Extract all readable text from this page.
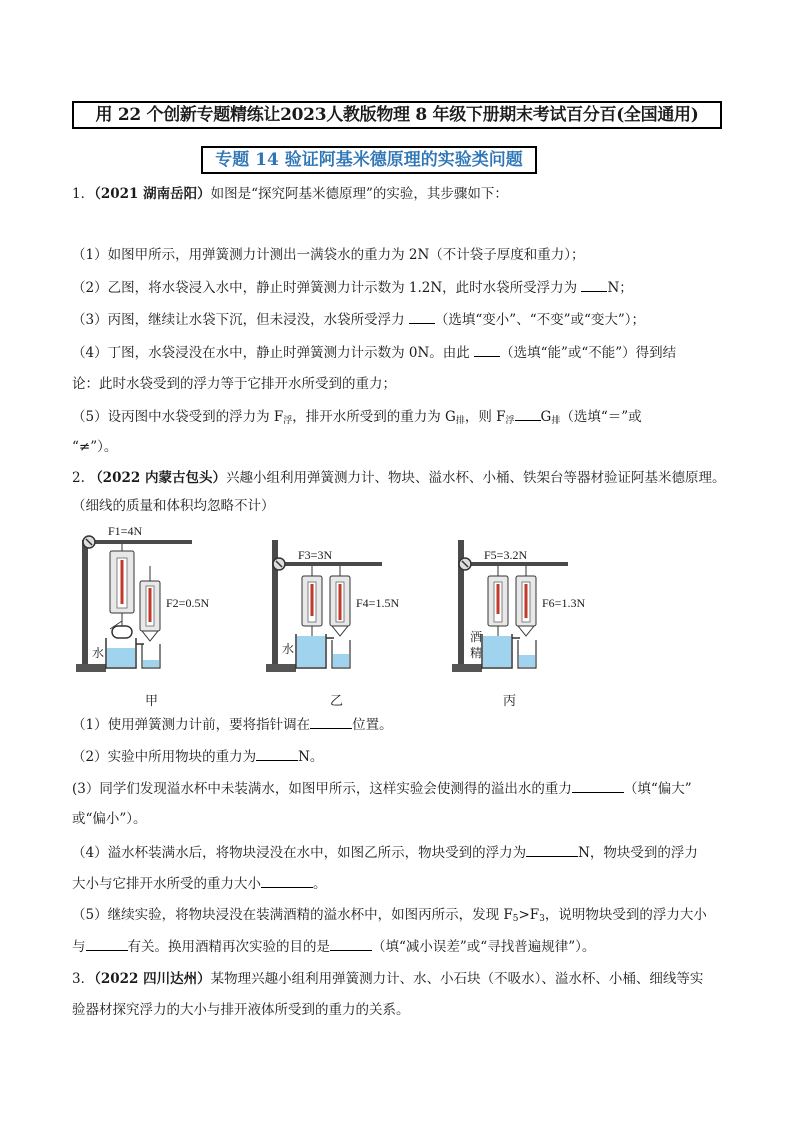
用 22 个创新专题精练让2023人教版物理 8 年级下册期末考试百分百(全国通用)
专题 14 验证阿基米德原理的实验类问题
1．（2021 湖南岳阳）如图是“探究阿基米德原理”的实验，其步骤如下：
（1）如图甲所示，用弹簧测力计测出一满袋水的重力为 2N（不计袋子厚度和重力）；
（2）乙图，将水袋浸入水中，静止时弹簧测力计示数为 1.2N，此时水袋所受浮力为 N；
（3）丙图，继续让水袋下沉，但未浸没，水袋所受浮力 （选填“变小”、“不变”或“变大”）；
（4）丁图，水袋浸没在水中，静止时弹簧测力计示数为 0N。由此 （选填“能”或“不能”）得到结
论：此时水袋受到的浮力等于它排开水所受到的重力；
（5）设丙图中水袋受到的浮力为 $F_浮$，排开水所受到的重力为 $G_排$，则 $F_浮$ $G_排$（选填“＝”或
“≠”）。
2. （2022 内蒙古包头）兴趣小组利用弹簧测力计、物块、溢水杯、小桶、铁架台等器材验证阿基米德原理。
（细线的质量和体积均忽略不计）
F1=4N
F2=0.5N
水
F3=3N
F4=1.5N
水
F5=3.2N
F6=1.3N
酒
精
甲	乙	丙
（1）使用弹簧测力计前，要将指针调在	位置。
（2）实验中所用物块的重力为	N。
(3）同学们发现溢水杯中未装满水，如图甲所示，这样实验会使测得的溢出水的重力	（填“偏大”
或“偏小”）。
（4）溢水杯装满水后，将物块浸没在水中，如图乙所示，物块受到的浮力为	N，物块受到的浮力
大小与它排开水所受的重力大小	。
（5）继续实验，将物块浸没在装满酒精的溢水杯中，如图丙所示，发现 $F_5>F_3$，说明物块受到的浮力大小
与	有关。换用酒精再次实验的目的是	（填“减小误差”或“寻找普遍规律”）。
3．（2022 四川达州）某物理兴趣小组利用弹簧测力计、水、小石块（不吸水）、溢水杯、小桶、细线等实
验器材探究浮力的大小与排开液体所受到的重力的关系。
